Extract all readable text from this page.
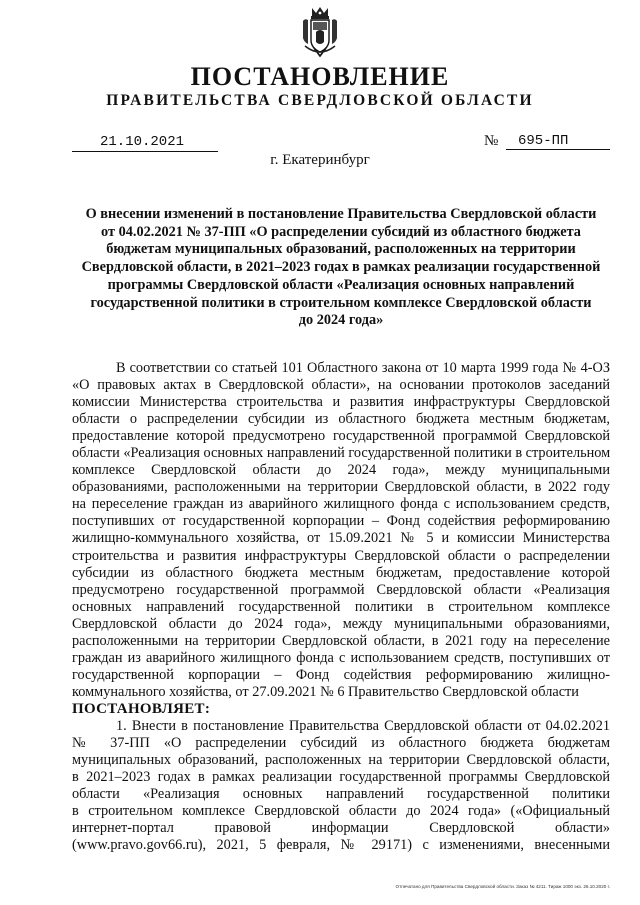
ПОСТАНОВЛЕНИЕ
ПРАВИТЕЛЬСТВА СВЕРДЛОВСКОЙ ОБЛАСТИ
21.10.2021	№	695-ПП
г. Екатеринбург
О внесении изменений в постановление Правительства Свердловской области
от 04.02.2021 № 37-ПП «О распределении субсидий из областного бюджета
бюджетам муниципальных образований, расположенных на территории
Свердловской области, в 2021–2023 годах в рамках реализации государственной
программы Свердловской области «Реализация основных направлений
государственной политики в строительном комплексе Свердловской области
до 2024 года»
В соответствии со статьей 101 Областного закона от 10 марта 1999 года № 4-ОЗ
«О правовых актах в Свердловской области», на основании протоколов заседаний
комиссии Министерства строительства и развития инфраструктуры Свердловской
области о распределении субсидии из областного бюджета местным бюджетам,
предоставление которой предусмотрено государственной программой Свердловской
области «Реализация основных направлений государственной политики в строительном
комплексе Свердловской области до 2024 года», между муниципальными
образованиями, расположенными на территории Свердловской области, в 2022 году
на переселение граждан из аварийного жилищного фонда с использованием средств,
поступивших от государственной корпорации – Фонд содействия реформированию
жилищно-коммунального хозяйства, от 15.09.2021 № 5 и комиссии Министерства
строительства и развития инфраструктуры Свердловской области о распределении
субсидии из областного бюджета местным бюджетам, предоставление которой
предусмотрено государственной программой Свердловской области «Реализация
основных направлений государственной политики в строительном комплексе
Свердловской области до 2024 года», между муниципальными образованиями,
расположенными на территории Свердловской области, в 2021 году на переселение
граждан из аварийного жилищного фонда с использованием средств, поступивших от
государственной корпорации – Фонд содействия реформированию жилищно-
коммунального хозяйства, от 27.09.2021 № 6 Правительство Свердловской области
ПОСТАНОВЛЯЕТ:
1. Внести в постановление Правительства Свердловской области от 04.02.2021
№ 37-ПП «О распределении субсидий из областного бюджета бюджетам
муниципальных образований, расположенных на территории Свердловской области,
в 2021–2023 годах в рамках реализации государственной программы Свердловской
области «Реализация основных направлений государственной политики
в строительном комплексе Свердловской области до 2024 года» («Официальный
интернет-портал правовой информации Свердловской области»
(www.pravo.gov66.ru), 2021, 5 февраля, № 29171) с изменениями, внесенными
Отпечатано для Правительства Свердловской области. Заказ № 4211. Тираж 1000 экз. 26.10.2020 г.
